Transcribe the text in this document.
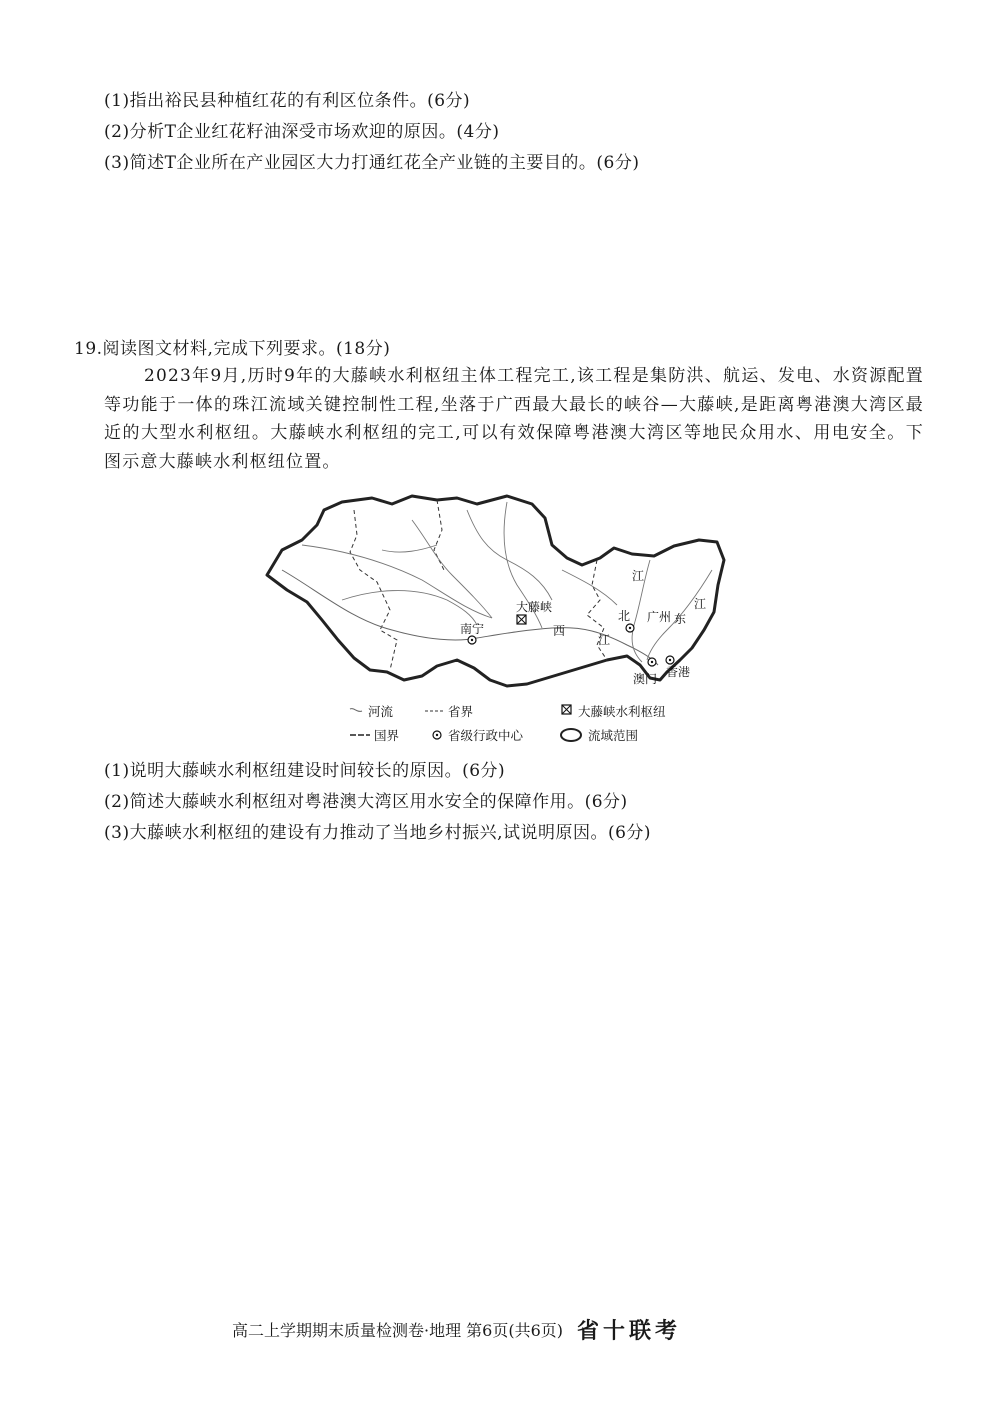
(1)指出裕民县种植红花的有利区位条件。(6分)
(2)分析T企业红花籽油深受市场欢迎的原因。(4分)
(3)简述T企业所在产业园区大力打通红花全产业链的主要目的。(6分)
19.阅读图文材料,完成下列要求。(18分)
2023年9月,历时9年的大藤峡水利枢纽主体工程完工,该工程是集防洪、航运、发电、水资源配置等功能于一体的珠江流域关键控制性工程,坐落于广西最大最长的峡谷—大藤峡,是距离粤港澳大湾区最近的大型水利枢纽。大藤峡水利枢纽的完工,可以有效保障粤港澳大湾区等地民众用水、用电安全。下图示意大藤峡水利枢纽位置。
大藤峡
南宁	西
江
北
江
广州 东
江
澳门 香港
河流	省界	大藤峡水利枢纽
国界	省级行政中心	流域范围
(1)说明大藤峡水利枢纽建设时间较长的原因。(6分)
(2)简述大藤峡水利枢纽对粤港澳大湾区用水安全的保障作用。(6分)
(3)大藤峡水利枢纽的建设有力推动了当地乡村振兴,试说明原因。(6分)
高二上学期期末质量检测卷·地理 第6页(共6页) 省十联考
